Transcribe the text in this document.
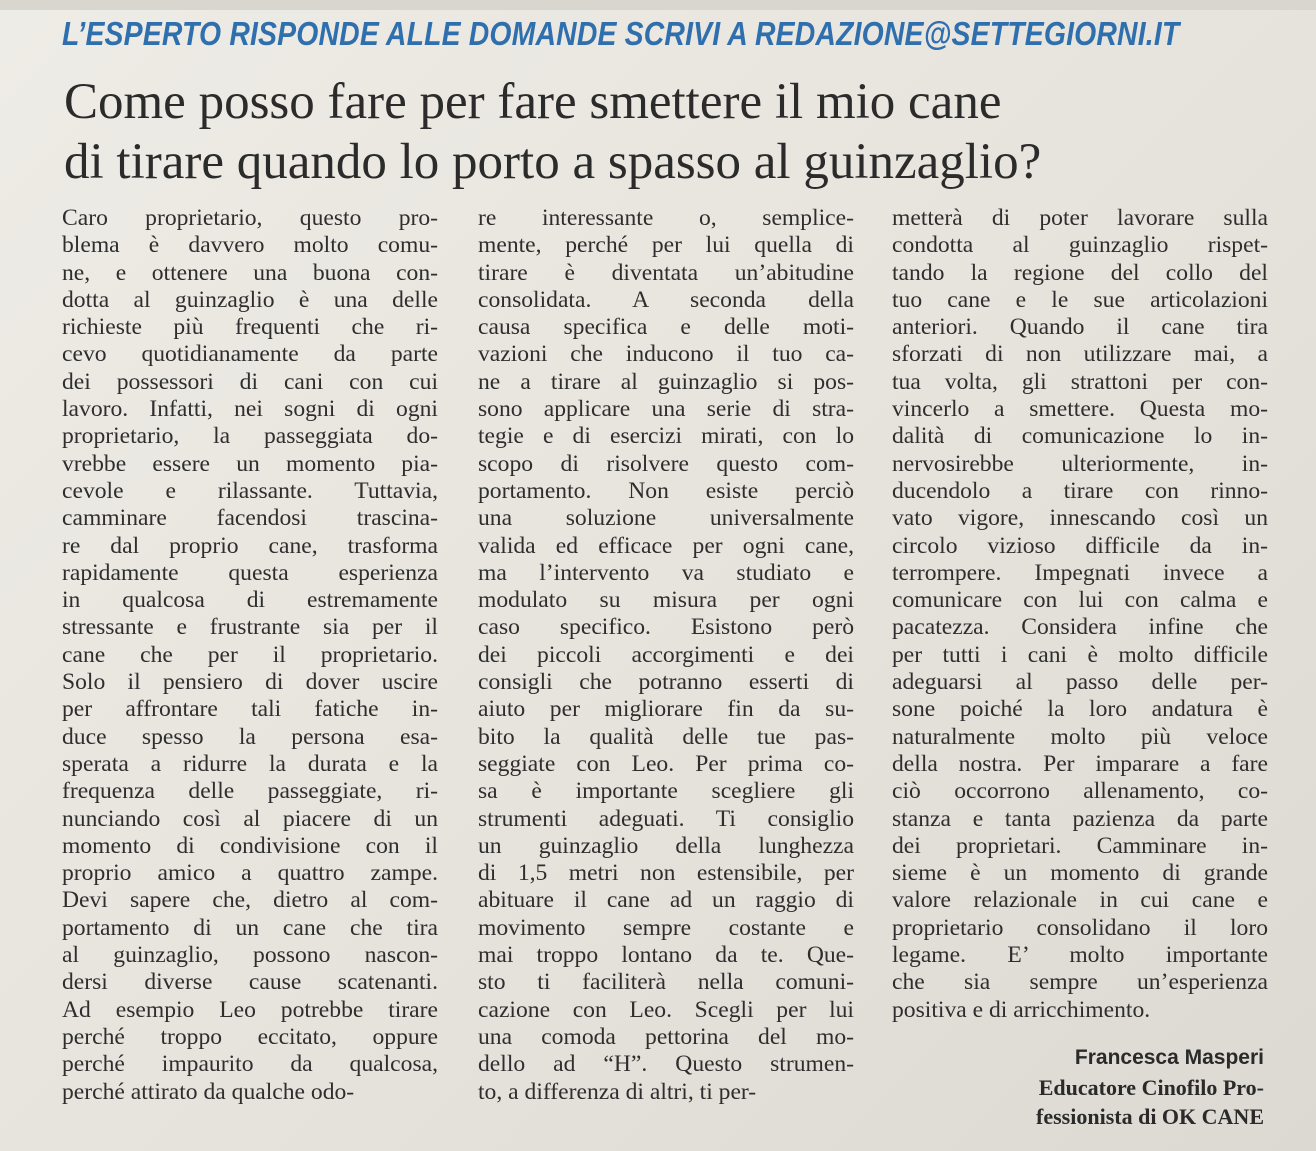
L’ESPERTO RISPONDE ALLE DOMANDE SCRIVI A REDAZIONE@SETTEGIORNI.IT
Come posso fare per fare smettere il mio cane
di tirare quando lo porto a spasso al guinzaglio?
Caro proprietario, questo pro-
blema è davvero molto comu-
ne, e ottenere una buona con-
dotta al guinzaglio è una delle
richieste più frequenti che ri-
cevo quotidianamente da parte
dei possessori di cani con cui
lavoro. Infatti, nei sogni di ogni
proprietario, la passeggiata do-
vrebbe essere un momento pia-
cevole e rilassante. Tuttavia,
camminare facendosi trascina-
re dal proprio cane, trasforma
rapidamente questa esperienza
in qualcosa di estremamente
stressante e frustrante sia per il
cane che per il proprietario.
Solo il pensiero di dover uscire
per affrontare tali fatiche in-
duce spesso la persona esa-
sperata a ridurre la durata e la
frequenza delle passeggiate, ri-
nunciando così al piacere di un
momento di condivisione con il
proprio amico a quattro zampe.
Devi sapere che, dietro al com-
portamento di un cane che tira
al guinzaglio, possono nascon-
dersi diverse cause scatenanti.
Ad esempio Leo potrebbe tirare
perché troppo eccitato, oppure
perché impaurito da qualcosa,
perché attirato da qualche odo-
re interessante o, semplice-
mente, perché per lui quella di
tirare è diventata un’abitudine
consolidata. A seconda della
causa specifica e delle moti-
vazioni che inducono il tuo ca-
ne a tirare al guinzaglio si pos-
sono applicare una serie di stra-
tegie e di esercizi mirati, con lo
scopo di risolvere questo com-
portamento. Non esiste perciò
una soluzione universalmente
valida ed efficace per ogni cane,
ma l’intervento va studiato e
modulato su misura per ogni
caso specifico. Esistono però
dei piccoli accorgimenti e dei
consigli che potranno esserti di
aiuto per migliorare fin da su-
bito la qualità delle tue pas-
seggiate con Leo. Per prima co-
sa è importante scegliere gli
strumenti adeguati. Ti consiglio
un guinzaglio della lunghezza
di 1,5 metri non estensibile, per
abituare il cane ad un raggio di
movimento sempre costante e
mai troppo lontano da te. Que-
sto ti faciliterà nella comuni-
cazione con Leo. Scegli per lui
una comoda pettorina del mo-
dello ad “H”. Questo strumen-
to, a differenza di altri, ti per-
metterà di poter lavorare sulla
condotta al guinzaglio rispet-
tando la regione del collo del
tuo cane e le sue articolazioni
anteriori. Quando il cane tira
sforzati di non utilizzare mai, a
tua volta, gli strattoni per con-
vincerlo a smettere. Questa mo-
dalità di comunicazione lo in-
nervosirebbe ulteriormente, in-
ducendolo a tirare con rinno-
vato vigore, innescando così un
circolo vizioso difficile da in-
terrompere. Impegnati invece a
comunicare con lui con calma e
pacatezza. Considera infine che
per tutti i cani è molto difficile
adeguarsi al passo delle per-
sone poiché la loro andatura è
naturalmente molto più veloce
della nostra. Per imparare a fare
ciò occorrono allenamento, co-
stanza e tanta pazienza da parte
dei proprietari. Camminare in-
sieme è un momento di grande
valore relazionale in cui cane e
proprietario consolidano il loro
legame. E’ molto importante
che sia sempre un’esperienza
positiva e di arricchimento.
Francesca Masperi
Educatore Cinofilo Pro-
fessionista di OK CANE
